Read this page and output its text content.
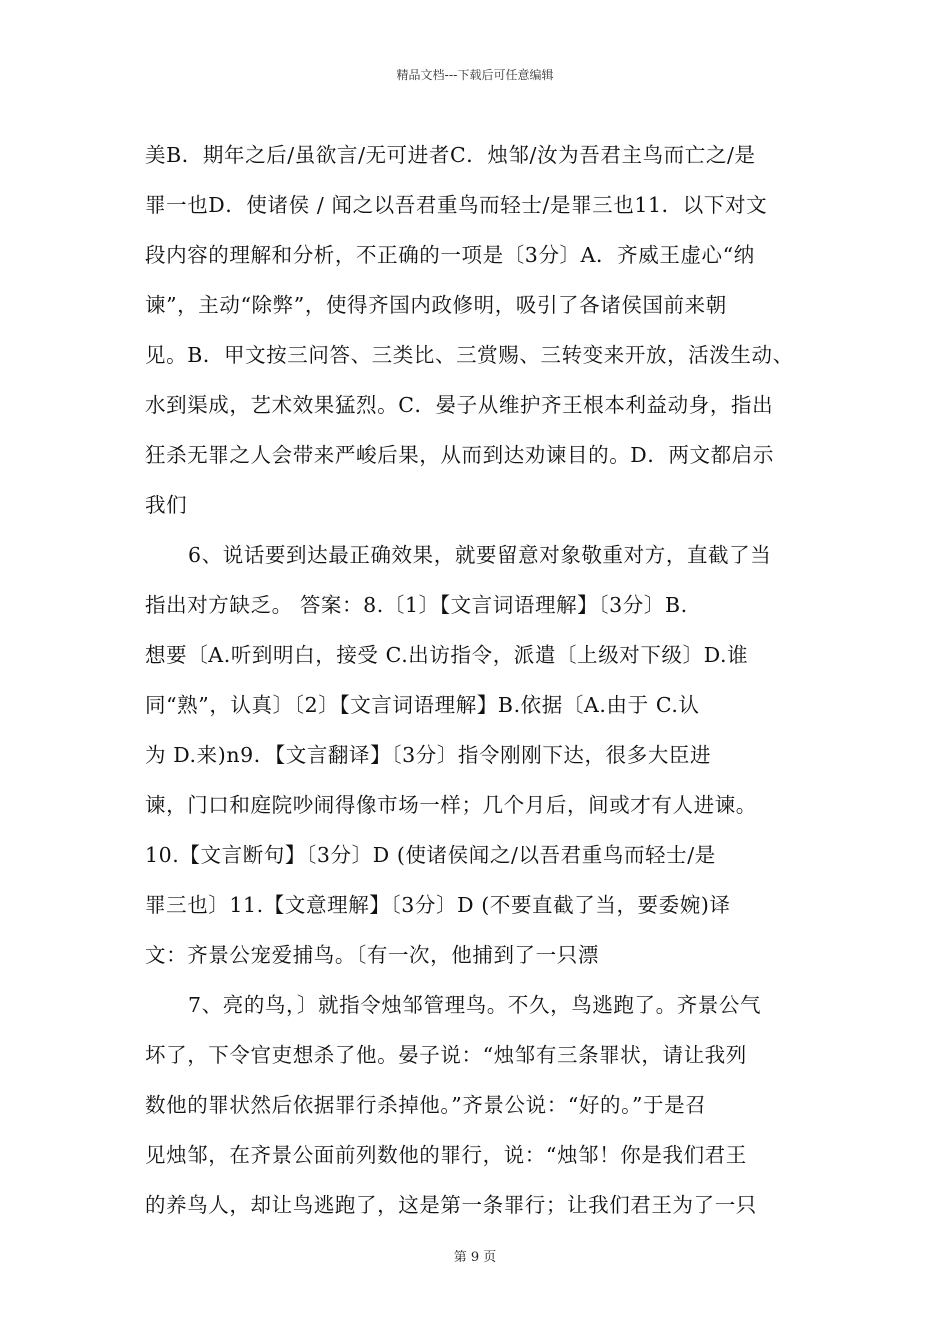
精品文档---下载后可任意编辑
美B．期年之后/虽欲言/无可进者C．烛邹/汝为吾君主鸟而亡之/是
罪一也D．使诸侯 / 闻之以吾君重鸟而轻士/是罪三也11．以下对文
段内容的理解和分析，不正确的一项是〔3分〕A．齐威王虚心“纳
谏”，主动“除弊”，使得齐国内政修明，吸引了各诸侯国前来朝
见。B．甲文按三问答、三类比、三赏赐、三转变来开放，活泼生动、
水到渠成，艺术效果猛烈。C．晏子从维护齐王根本利益动身，指出
狂杀无罪之人会带来严峻后果，从而到达劝谏目的。D．两文都启示
我们
6、说话要到达最正确效果，就要留意对象敬重对方，直截了当
指出对方缺乏。 答案：8.〔1〕【文言词语理解】〔3分〕B.
想要〔A.听到明白，接受 C.出访指令，派遣〔上级对下级〕D.谁
同“熟”，认真〕〔2〕【文言词语理解】B.依据〔A.由于 C.认
为 D.来)n9．【文言翻译】〔3分〕指令刚刚下达，很多大臣进
谏，门口和庭院吵闹得像市场一样；几个月后，间或才有人进谏。
10.【文言断句】〔3分〕D (使诸侯闻之/以吾君重鸟而轻士/是
罪三也〕11.【文意理解】〔3分〕D (不要直截了当，要委婉)译
文：齐景公宠爱捕鸟。〔有一次，他捕到了一只漂
7、亮的鸟，〕就指令烛邹管理鸟。不久，鸟逃跑了。齐景公气
坏了，下令官吏想杀了他。晏子说：“烛邹有三条罪状，请让我列
数他的罪状然后依据罪行杀掉他。”齐景公说：“好的。”于是召
见烛邹，在齐景公面前列数他的罪行，说：“烛邹！你是我们君王
的养鸟人，却让鸟逃跑了，这是第一条罪行；让我们君王为了一只
第 9 页
